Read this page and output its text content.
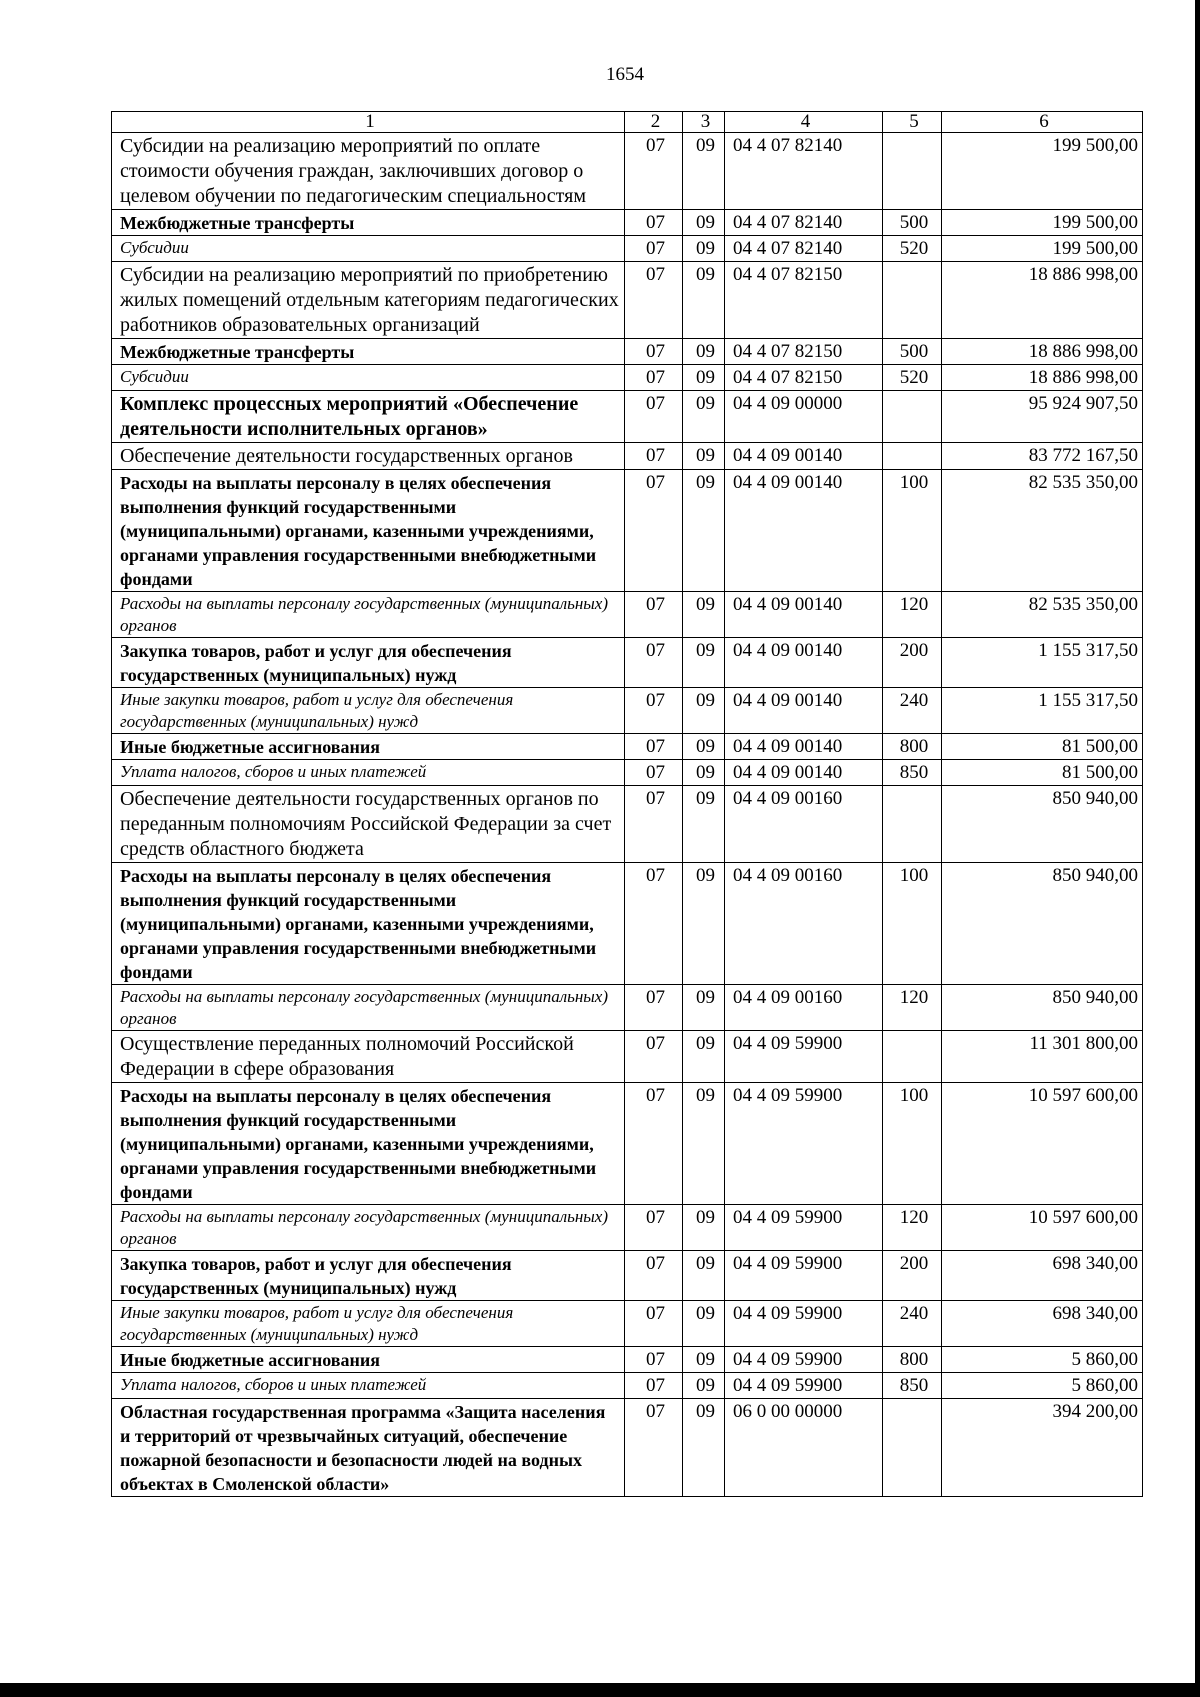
1654
1	2	3	4	5	6
Субсидии на реализацию мероприятий по оплате стоимости обучения граждан, заключивших договор о целевом обучении по педагогическим специальностям	07	09	04 4 07 82140		199 500,00
Межбюджетные трансферты	07	09	04 4 07 82140	500	199 500,00
Субсидии	07	09	04 4 07 82140	520	199 500,00
Субсидии на реализацию мероприятий по приобретению жилых помещений отдельным категориям педагогических работников образовательных организаций	07	09	04 4 07 82150		18 886 998,00
Межбюджетные трансферты	07	09	04 4 07 82150	500	18 886 998,00
Субсидии	07	09	04 4 07 82150	520	18 886 998,00
Комплекс процессных мероприятий «Обеспечение деятельности исполнительных органов»	07	09	04 4 09 00000		95 924 907,50
Обеспечение деятельности государственных органов	07	09	04 4 09 00140		83 772 167,50
Расходы на выплаты персоналу в целях обеспечения выполнения функций государственными (муниципальными) органами, казенными учреждениями, органами управления государственными внебюджетными фондами	07	09	04 4 09 00140	100	82 535 350,00
Расходы на выплаты персоналу государственных (муниципальных) органов	07	09	04 4 09 00140	120	82 535 350,00
Закупка товаров, работ и услуг для обеспечения государственных (муниципальных) нужд	07	09	04 4 09 00140	200	1 155 317,50
Иные закупки товаров, работ и услуг для обеспечения государственных (муниципальных) нужд	07	09	04 4 09 00140	240	1 155 317,50
Иные бюджетные ассигнования	07	09	04 4 09 00140	800	81 500,00
Уплата налогов, сборов и иных платежей	07	09	04 4 09 00140	850	81 500,00
Обеспечение деятельности государственных органов по переданным полномочиям Российской Федерации за счет средств областного бюджета	07	09	04 4 09 00160		850 940,00
Расходы на выплаты персоналу в целях обеспечения выполнения функций государственными (муниципальными) органами, казенными учреждениями, органами управления государственными внебюджетными фондами	07	09	04 4 09 00160	100	850 940,00
Расходы на выплаты персоналу государственных (муниципальных) органов	07	09	04 4 09 00160	120	850 940,00
Осуществление переданных полномочий Российской Федерации в сфере образования	07	09	04 4 09 59900		11 301 800,00
Расходы на выплаты персоналу в целях обеспечения выполнения функций государственными (муниципальными) органами, казенными учреждениями, органами управления государственными внебюджетными фондами	07	09	04 4 09 59900	100	10 597 600,00
Расходы на выплаты персоналу государственных (муниципальных) органов	07	09	04 4 09 59900	120	10 597 600,00
Закупка товаров, работ и услуг для обеспечения государственных (муниципальных) нужд	07	09	04 4 09 59900	200	698 340,00
Иные закупки товаров, работ и услуг для обеспечения государственных (муниципальных) нужд	07	09	04 4 09 59900	240	698 340,00
Иные бюджетные ассигнования	07	09	04 4 09 59900	800	5 860,00
Уплата налогов, сборов и иных платежей	07	09	04 4 09 59900	850	5 860,00
Областная государственная программа «Защита населения и территорий от чрезвычайных ситуаций, обеспечение пожарной безопасности и безопасности людей на водных объектах в Смоленской области»	07	09	06 0 00 00000		394 200,00
